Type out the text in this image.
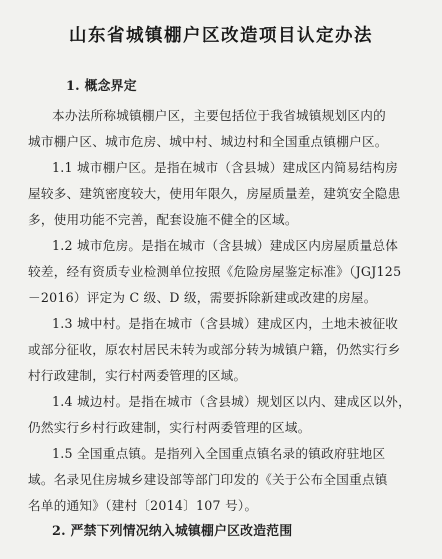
山东省城镇棚户区改造项目认定办法
1. 概念界定
本办法所称城镇棚户区，主要包括位于我省城镇规划区内的
城市棚户区、城市危房、城中村、城边村和全国重点镇棚户区。
1.1 城市棚户区。是指在城市（含县城）建成区内简易结构房
屋较多、建筑密度较大，使用年限久，房屋质量差，建筑安全隐患
多，使用功能不完善，配套设施不健全的区域。
1.2 城市危房。是指在城市（含县城）建成区内房屋质量总体
较差，经有资质专业检测单位按照《危险房屋鉴定标准》（JGJ125
－2016）评定为 C 级、D 级，需要拆除新建或改建的房屋。
1.3 城中村。是指在城市（含县城）建成区内，土地未被征收
或部分征收，原农村居民未转为或部分转为城镇户籍，仍然实行乡
村行政建制，实行村两委管理的区域。
1.4 城边村。是指在城市（含县城）规划区以内、建成区以外，
仍然实行乡村行政建制，实行村两委管理的区域。
1.5 全国重点镇。是指列入全国重点镇名录的镇政府驻地区
域。名录见住房城乡建设部等部门印发的《关于公布全国重点镇
名单的通知》（建村〔2014〕107 号）。
2. 严禁下列情况纳入城镇棚户区改造范围
